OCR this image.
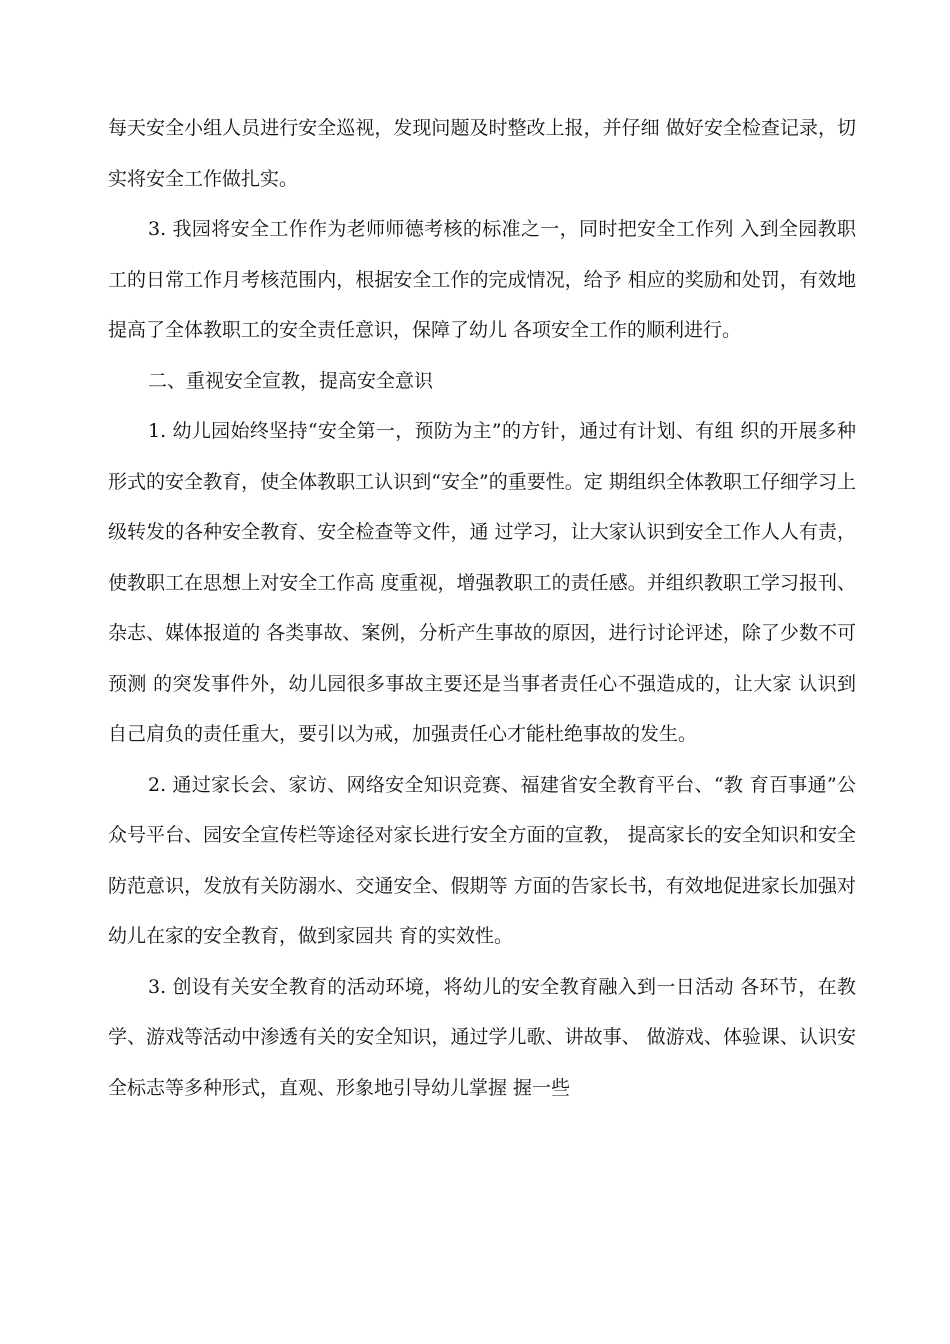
每天安全小组人员进行安全巡视，发现问题及时整改上报，并仔细 做好安全检查记录，切实将安全工作做扎实。

3. 我园将安全工作作为老师师德考核的标准之一，同时把安全工作列 入到全园教职工的日常工作月考核范围内，根据安全工作的完成情况，给予 相应的奖励和处罚，有效地提高了全体教职工的安全责任意识，保障了幼儿 各项安全工作的顺利进行。

二、重视安全宣教，提高安全意识

1. 幼儿园始终坚持“安全第一，预防为主”的方针，通过有计划、有组 织的开展多种形式的安全教育，使全体教职工认识到“安全”的重要性。定 期组织全体教职工仔细学习上级转发的各种安全教育、安全检查等文件，通 过学习，让大家认识到安全工作人人有责，使教职工在思想上对安全工作高 度重视，增强教职工的责任感。并组织教职工学习报刊、杂志、媒体报道的 各类事故、案例，分析产生事故的原因，进行讨论评述，除了少数不可预测 的突发事件外，幼儿园很多事故主要还是当事者责任心不强造成的，让大家 认识到自己肩负的责任重大，要引以为戒，加强责任心才能杜绝事故的发生。

2. 通过家长会、家访、网络安全知识竞赛、福建省安全教育平台、“教 育百事通”公众号平台、园安全宣传栏等途径对家长进行安全方面的宣教， 提高家长的安全知识和安全防范意识，发放有关防溺水、交通安全、假期等 方面的告家长书，有效地促进家长加强对幼儿在家的安全教育，做到家园共 育的实效性。

3. 创设有关安全教育的活动环境，将幼儿的安全教育融入到一日活动 各环节，在教学、游戏等活动中渗透有关的安全知识，通过学儿歌、讲故事、 做游戏、体验课、认识安全标志等多种形式，直观、形象地引导幼儿掌握 握一些
